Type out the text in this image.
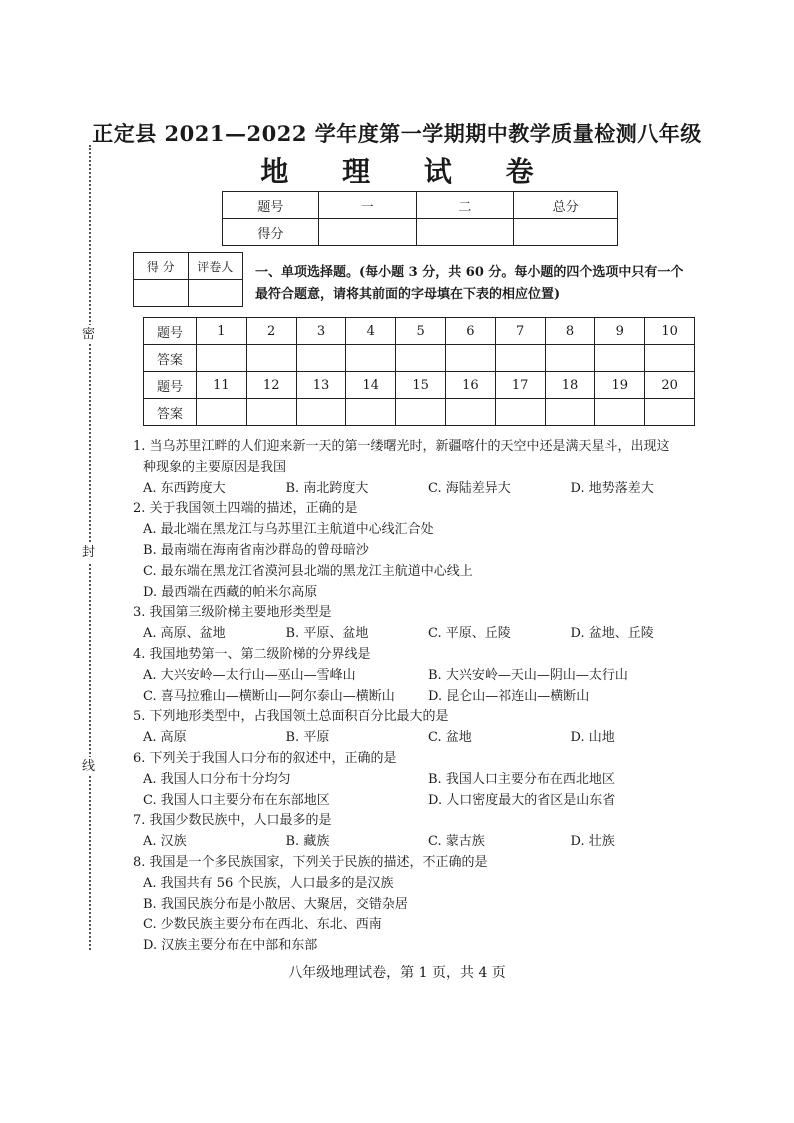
密
封
线
正定县 2021—2022 学年度第一学期期中教学质量检测八年级
地 理 试 卷
题号	一	二	总分
得分			
得 分	评卷人
	一、单项选择题。(每小题 3 分，共 60 分。每小题的四个选项中只有一个
最符合题意，请将其前面的字母填在下表的相应位置)
题号	1	2	3	4	5	6	7	8	9	10
答案										
题号	11	12	13	14	15	16	17	18	19	20
答案										
1. 当乌苏里江畔的人们迎来新一天的第一缕曙光时，新疆喀什的天空中还是满天星斗，出现这
种现象的主要原因是我国
A. 东西跨度大	B. 南北跨度大	C. 海陆差异大	D. 地势落差大
2. 关于我国领土四端的描述，正确的是
A. 最北端在黑龙江与乌苏里江主航道中心线汇合处
B. 最南端在海南省南沙群岛的曾母暗沙
C. 最东端在黑龙江省漠河县北端的黑龙江主航道中心线上
D. 最西端在西藏的帕米尔高原
3. 我国第三级阶梯主要地形类型是
A. 高原、盆地	B. 平原、盆地	C. 平原、丘陵	D. 盆地、丘陵
4. 我国地势第一、第二级阶梯的分界线是
A. 大兴安岭—太行山—巫山—雪峰山	B. 大兴安岭—天山—阴山—太行山
C. 喜马拉雅山—横断山—阿尔泰山—横断山	D. 昆仑山—祁连山—横断山
5. 下列地形类型中，占我国领土总面积百分比最大的是
A. 高原	B. 平原	C. 盆地	D. 山地
6. 下列关于我国人口分布的叙述中，正确的是
A. 我国人口分布十分均匀	B. 我国人口主要分布在西北地区
C. 我国人口主要分布在东部地区	D. 人口密度最大的省区是山东省
7. 我国少数民族中，人口最多的是
A. 汉族	B. 藏族	C. 蒙古族	D. 壮族
8. 我国是一个多民族国家，下列关于民族的描述，不正确的是
A. 我国共有 56 个民族，人口最多的是汉族
B. 我国民族分布是小散居、大聚居，交错杂居
C. 少数民族主要分布在西北、东北、西南
D. 汉族主要分布在中部和东部
八年级地理试卷，第 1 页，共 4 页
